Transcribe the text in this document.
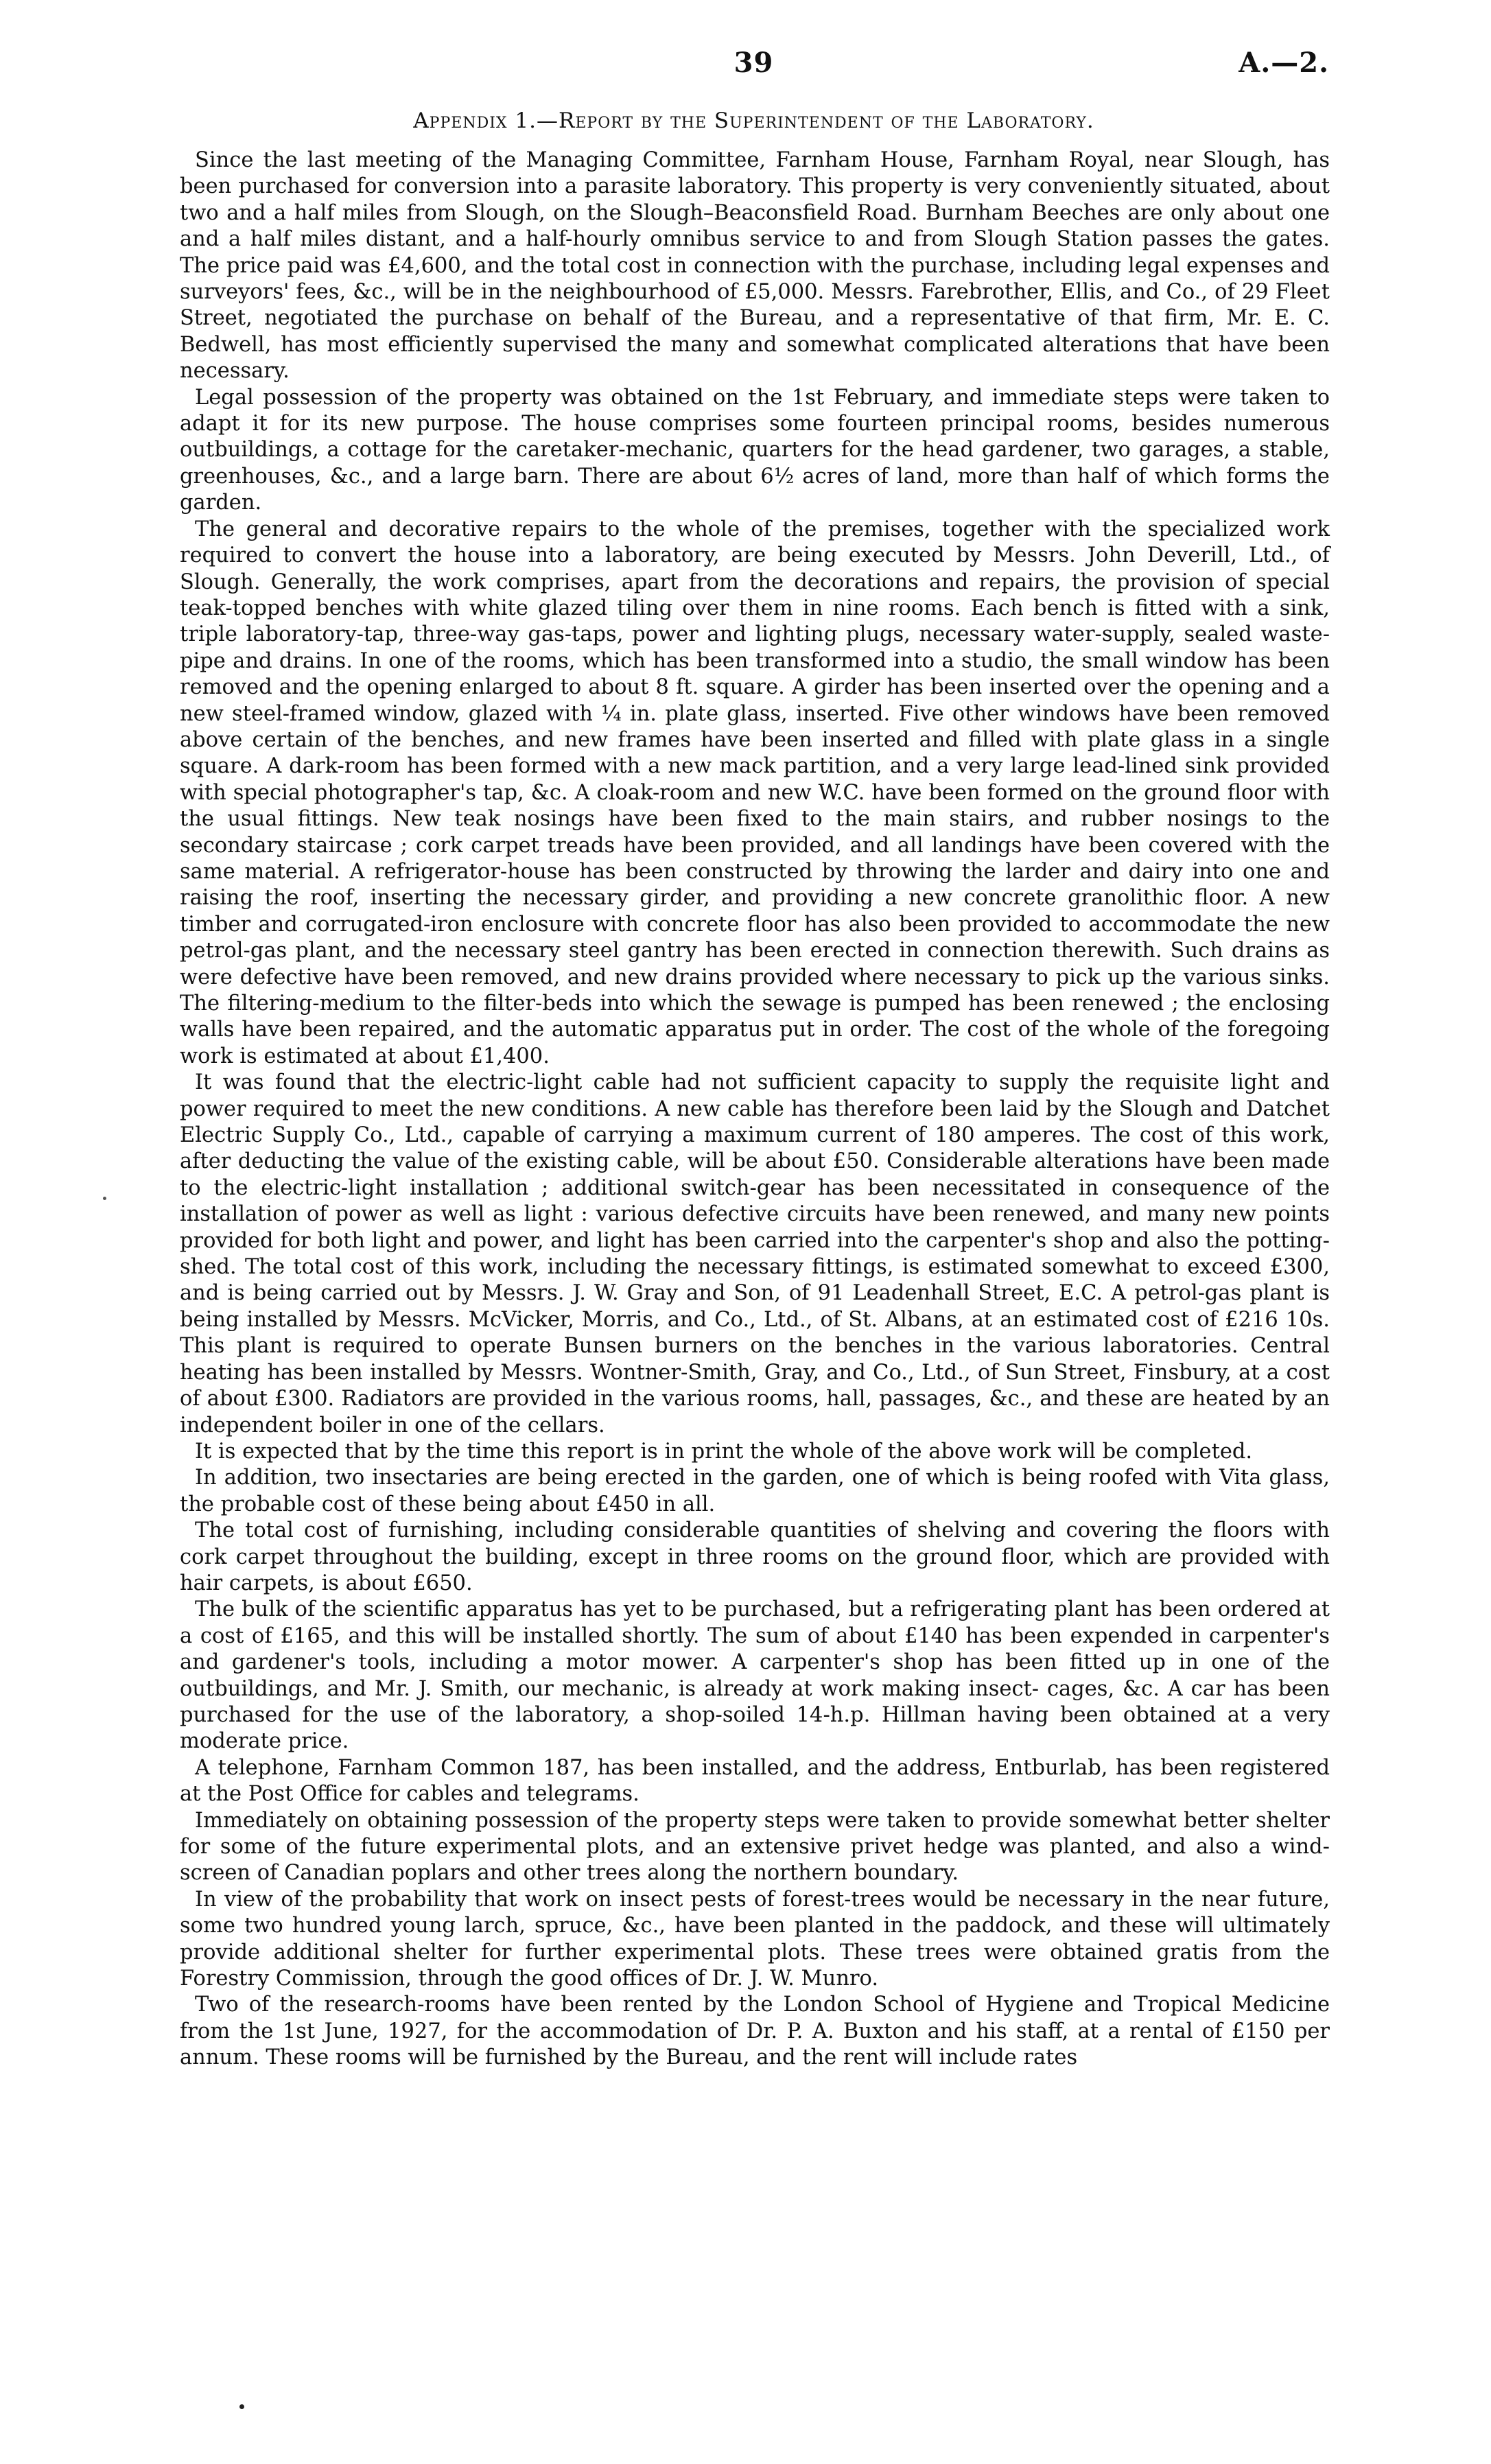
39	A.—2.
Appendix 1.—Report by the Superintendent of the Laboratory.

Since the last meeting of the Managing Committee, Farnham House, Farnham Royal, near Slough, has been purchased for conversion into a parasite laboratory. This property is very conveniently situated, about two and a half miles from Slough, on the Slough–Beaconsfield Road. Burnham Beeches are only about one and a half miles distant, and a half-hourly omnibus service to and from Slough Station passes the gates. The price paid was £4,600, and the total cost in connection with the purchase, including legal expenses and surveyors' fees, &c., will be in the neighbourhood of £5,000. Messrs. Farebrother, Ellis, and Co., of 29 Fleet Street, negotiated the purchase on behalf of the Bureau, and a representative of that firm, Mr. E. C. Bedwell, has most efficiently supervised the many and somewhat complicated alterations that have been necessary.

Legal possession of the property was obtained on the 1st February, and immediate steps were taken to adapt it for its new purpose. The house comprises some fourteen principal rooms, besides numerous outbuildings, a cottage for the caretaker-mechanic, quarters for the head gardener, two garages, a stable, greenhouses, &c., and a large barn. There are about 6½ acres of land, more than half of which forms the garden.

The general and decorative repairs to the whole of the premises, together with the specialized work required to convert the house into a laboratory, are being executed by Messrs. John Deverill, Ltd., of Slough. Generally, the work comprises, apart from the decorations and repairs, the provision of special teak-topped benches with white glazed tiling over them in nine rooms. Each bench is fitted with a sink, triple laboratory-tap, three-way gas-taps, power and lighting plugs, necessary water-supply, sealed waste-pipe and drains. In one of the rooms, which has been transformed into a studio, the small window has been removed and the opening enlarged to about 8 ft. square. A girder has been inserted over the opening and a new steel-framed window, glazed with ¼ in. plate glass, inserted. Five other windows have been removed above certain of the benches, and new frames have been inserted and filled with plate glass in a single square. A dark-room has been formed with a new mack partition, and a very large lead-lined sink provided with special photographer's tap, &c. A cloak-room and new W.C. have been formed on the ground floor with the usual fittings. New teak nosings have been fixed to the main stairs, and rubber nosings to the secondary staircase ; cork carpet treads have been provided, and all landings have been covered with the same material. A refrigerator-house has been constructed by throwing the larder and dairy into one and raising the roof, inserting the necessary girder, and providing a new concrete granolithic floor. A new timber and corrugated-iron enclosure with concrete floor has also been provided to accommodate the new petrol-gas plant, and the necessary steel gantry has been erected in connection therewith. Such drains as were defective have been removed, and new drains provided where necessary to pick up the various sinks. The filtering-medium to the filter-beds into which the sewage is pumped has been renewed ; the enclosing walls have been repaired, and the automatic apparatus put in order. The cost of the whole of the foregoing work is estimated at about £1,400.

It was found that the electric-light cable had not sufficient capacity to supply the requisite light and power required to meet the new conditions. A new cable has therefore been laid by the Slough and Datchet Electric Supply Co., Ltd., capable of carrying a maximum current of 180 amperes. The cost of this work, after deducting the value of the existing cable, will be about £50. Considerable alterations have been made to the electric-light installation ; additional switch-gear has been necessitated in consequence of the installation of power as well as light : various defective circuits have been renewed, and many new points provided for both light and power, and light has been carried into the carpenter's shop and also the potting-shed. The total cost of this work, including the necessary fittings, is estimated somewhat to exceed £300, and is being carried out by Messrs. J. W. Gray and Son, of 91 Leadenhall Street, E.C. A petrol-gas plant is being installed by Messrs. McVicker, Morris, and Co., Ltd., of St. Albans, at an estimated cost of £216 10s. This plant is required to operate Bunsen burners on the benches in the various laboratories. Central heating has been installed by Messrs. Wontner-Smith, Gray, and Co., Ltd., of Sun Street, Finsbury, at a cost of about £300. Radiators are provided in the various rooms, hall, passages, &c., and these are heated by an independent boiler in one of the cellars.

It is expected that by the time this report is in print the whole of the above work will be completed.

In addition, two insectaries are being erected in the garden, one of which is being roofed with Vita glass, the probable cost of these being about £450 in all.

The total cost of furnishing, including considerable quantities of shelving and covering the floors with cork carpet throughout the building, except in three rooms on the ground floor, which are provided with hair carpets, is about £650.

The bulk of the scientific apparatus has yet to be purchased, but a refrigerating plant has been ordered at a cost of £165, and this will be installed shortly. The sum of about £140 has been expended in carpenter's and gardener's tools, including a motor mower. A carpenter's shop has been fitted up in one of the outbuildings, and Mr. J. Smith, our mechanic, is already at work making insect- cages, &c. A car has been purchased for the use of the laboratory, a shop-soiled 14-h.p. Hillman having been obtained at a very moderate price.

A telephone, Farnham Common 187, has been installed, and the address, Entburlab, has been registered at the Post Office for cables and telegrams.

Immediately on obtaining possession of the property steps were taken to provide somewhat better shelter for some of the future experimental plots, and an extensive privet hedge was planted, and also a wind-screen of Canadian poplars and other trees along the northern boundary.

In view of the probability that work on insect pests of forest-trees would be necessary in the near future, some two hundred young larch, spruce, &c., have been planted in the paddock, and these will ultimately provide additional shelter for further experimental plots. These trees were obtained gratis from the Forestry Commission, through the good offices of Dr. J. W. Munro.

Two of the research-rooms have been rented by the London School of Hygiene and Tropical Medicine from the 1st June, 1927, for the accommodation of Dr. P. A. Buxton and his staff, at a rental of £150 per annum. These rooms will be furnished by the Bureau, and the rent will include rates
